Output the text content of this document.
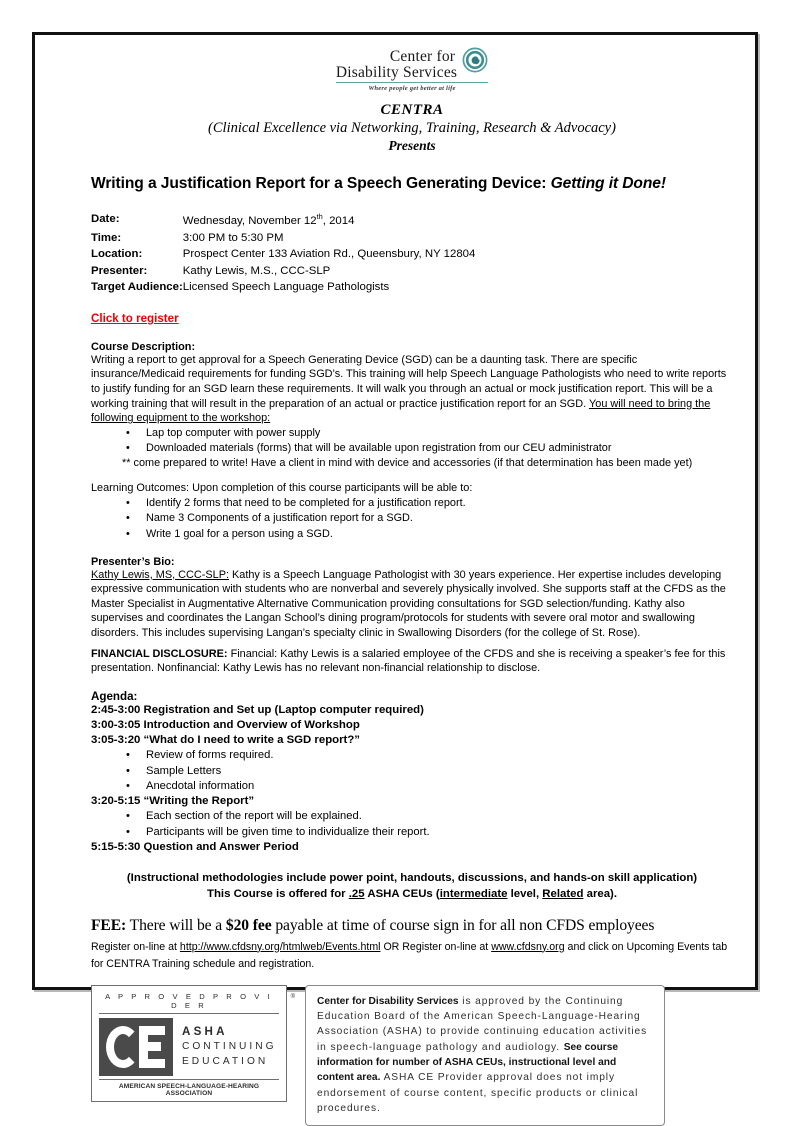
Center for
Disability Services
Where people get better at life
CENTRA
(Clinical Excellence via Networking, Training, Research & Advocacy)
Presents
Writing a Justification Report for a Speech Generating Device: Getting it Done!
Date:	Wednesday, November 12th, 2014
Time:	3:00 PM to 5:30 PM
Location:	Prospect Center 133 Aviation Rd., Queensbury, NY 12804
Presenter:	Kathy Lewis, M.S., CCC-SLP
Target Audience:	Licensed Speech Language Pathologists
Click to register
Course Description:
Writing a report to get approval for a Speech Generating Device (SGD) can be a daunting task. There are specific insurance/Medicaid requirements for funding SGD’s. This training will help Speech Language Pathologists who need to write reports to justify funding for an SGD learn these requirements. It will walk you through an actual or mock justification report. This will be a working training that will result in the preparation of an actual or practice justification report for an SGD. You will need to bring the following equipment to the workshop:
• Lap top computer with power supply
• Downloaded materials (forms) that will be available upon registration from our CEU administrator
** come prepared to write! Have a client in mind with device and accessories (if that determination has been made yet)
Learning Outcomes: Upon completion of this course participants will be able to:
• Identify 2 forms that need to be completed for a justification report.
• Name 3 Components of a justification report for a SGD.
• Write 1 goal for a person using a SGD.
Presenter’s Bio:
Kathy Lewis, MS, CCC-SLP: Kathy is a Speech Language Pathologist with 30 years experience. Her expertise includes developing expressive communication with students who are nonverbal and severely physically involved. She supports staff at the CFDS as the Master Specialist in Augmentative Alternative Communication providing consultations for SGD selection/funding. Kathy also supervises and coordinates the Langan School’s dining program/protocols for students with severe oral motor and swallowing disorders. This includes supervising Langan’s specialty clinic in Swallowing Disorders (for the college of St. Rose).
FINANCIAL DISCLOSURE: Financial: Kathy Lewis is a salaried employee of the CFDS and she is receiving a speaker’s fee for this presentation. Nonfinancial: Kathy Lewis has no relevant non-financial relationship to disclose.
Agenda:
2:45-3:00 Registration and Set up (Laptop computer required)
3:00-3:05 Introduction and Overview of Workshop
3:05-3:20 “What do I need to write a SGD report?”
• Review of forms required.
• Sample Letters
• Anecdotal information
3:20-5:15 “Writing the Report”
• Each section of the report will be explained.
• Participants will be given time to individualize their report.
5:15-5:30 Question and Answer Period
(Instructional methodologies include power point, handouts, discussions, and hands-on skill application)
This Course is offered for .25 ASHA CEUs (intermediate level, Related area).
FEE: There will be a $20 fee payable at time of course sign in for all non CFDS employees
Register on-line at http://www.cfdsny.org/htmlweb/Events.html OR Register on-line at www.cfdsny.org and click on Upcoming Events tab for CENTRA Training schedule and registration.
®
A P P R O V E D P R O V I D E R
ASHA
CONTINUING
EDUCATION
AMERICAN SPEECH-LANGUAGE-HEARING ASSOCIATION
Center for Disability Services is approved by the Continuing Education Board of the American Speech-Language-Hearing Association (ASHA) to provide continuing education activities in speech-language pathology and audiology. See course information for number of ASHA CEUs, instructional level and content area. ASHA CE Provider approval does not imply endorsement of course content, specific products or clinical procedures.
